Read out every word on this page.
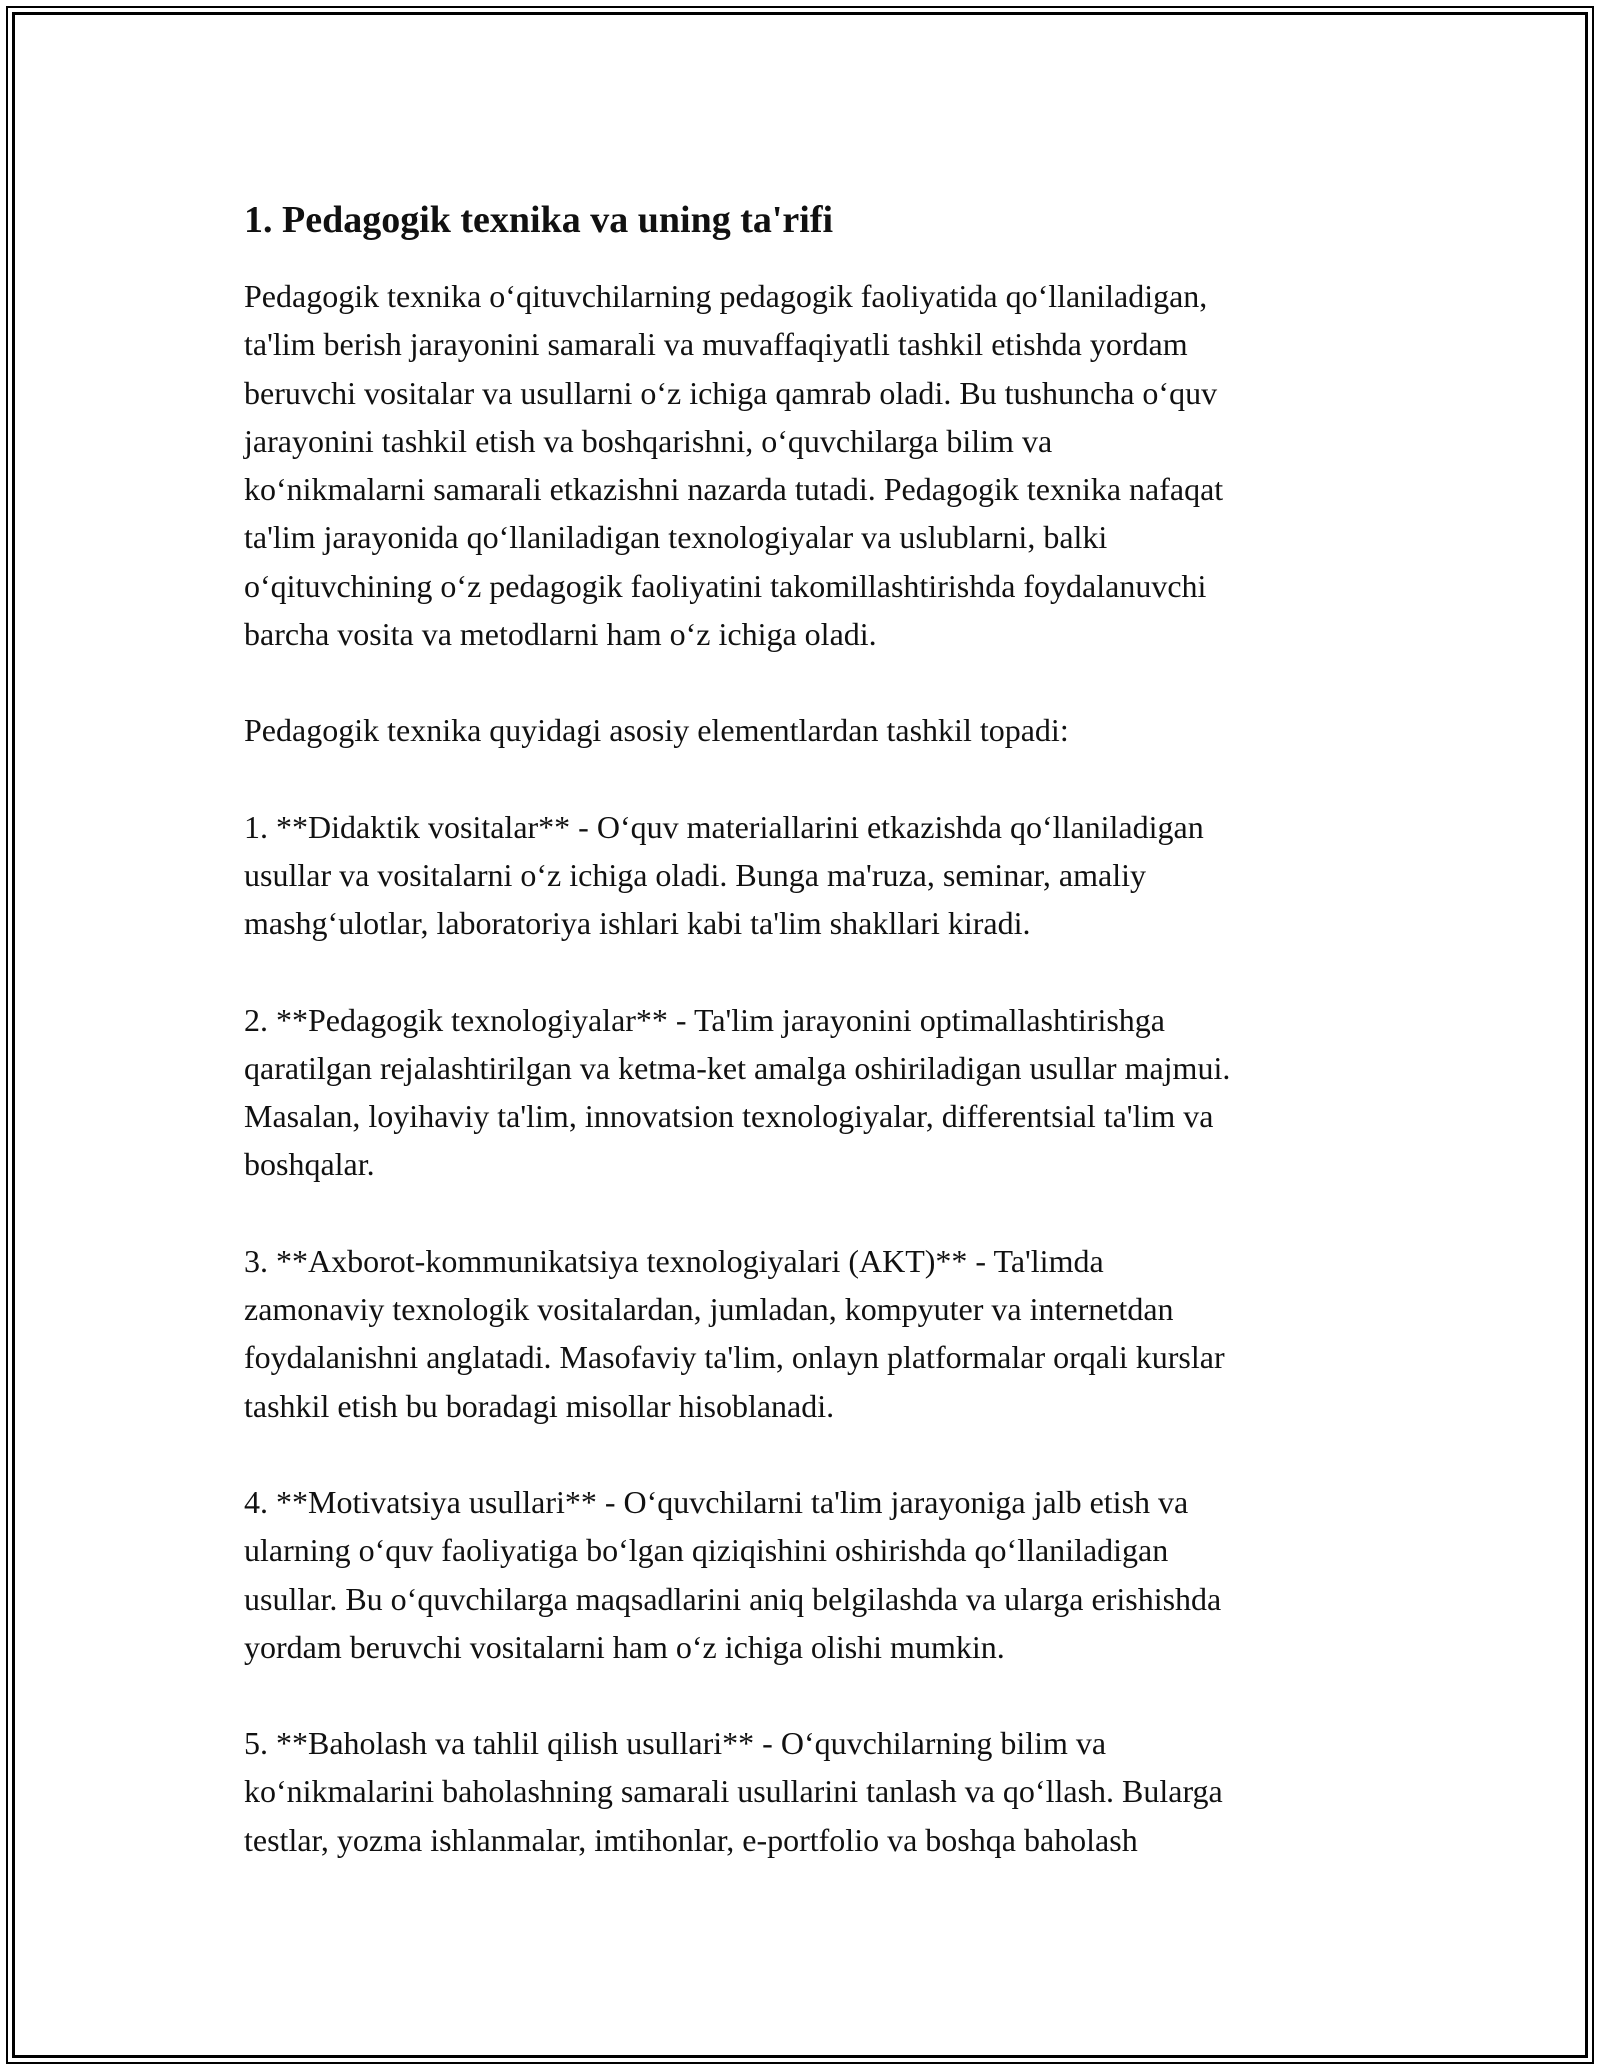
1. Pedagogik texnika va uning ta'rifi

Pedagogik texnika o‘qituvchilarning pedagogik faoliyatida qo‘llaniladigan,
ta'lim berish jarayonini samarali va muvaffaqiyatli tashkil etishda yordam
beruvchi vositalar va usullarni o‘z ichiga qamrab oladi. Bu tushuncha o‘quv
jarayonini tashkil etish va boshqarishni, o‘quvchilarga bilim va
ko‘nikmalarni samarali etkazishni nazarda tutadi. Pedagogik texnika nafaqat
ta'lim jarayonida qo‘llaniladigan texnologiyalar va uslublarni, balki
o‘qituvchining o‘z pedagogik faoliyatini takomillashtirishda foydalanuvchi
barcha vosita va metodlarni ham o‘z ichiga oladi.

Pedagogik texnika quyidagi asosiy elementlardan tashkil topadi:

1. **Didaktik vositalar** - O‘quv materiallarini etkazishda qo‘llaniladigan
usullar va vositalarni o‘z ichiga oladi. Bunga ma'ruza, seminar, amaliy
mashg‘ulotlar, laboratoriya ishlari kabi ta'lim shakllari kiradi.

2. **Pedagogik texnologiyalar** - Ta'lim jarayonini optimallashtirishga
qaratilgan rejalashtirilgan va ketma-ket amalga oshiriladigan usullar majmui.
Masalan, loyihaviy ta'lim, innovatsion texnologiyalar, differentsial ta'lim va
boshqalar.

3. **Axborot-kommunikatsiya texnologiyalari (AKT)** - Ta'limda
zamonaviy texnologik vositalardan, jumladan, kompyuter va internetdan
foydalanishni anglatadi. Masofaviy ta'lim, onlayn platformalar orqali kurslar
tashkil etish bu boradagi misollar hisoblanadi.

4. **Motivatsiya usullari** - O‘quvchilarni ta'lim jarayoniga jalb etish va
ularning o‘quv faoliyatiga bo‘lgan qiziqishini oshirishda qo‘llaniladigan
usullar. Bu o‘quvchilarga maqsadlarini aniq belgilashda va ularga erishishda
yordam beruvchi vositalarni ham o‘z ichiga olishi mumkin.

5. **Baholash va tahlil qilish usullari** - O‘quvchilarning bilim va
ko‘nikmalarini baholashning samarali usullarini tanlash va qo‘llash. Bularga
testlar, yozma ishlanmalar, imtihonlar, e-portfolio va boshqa baholash
